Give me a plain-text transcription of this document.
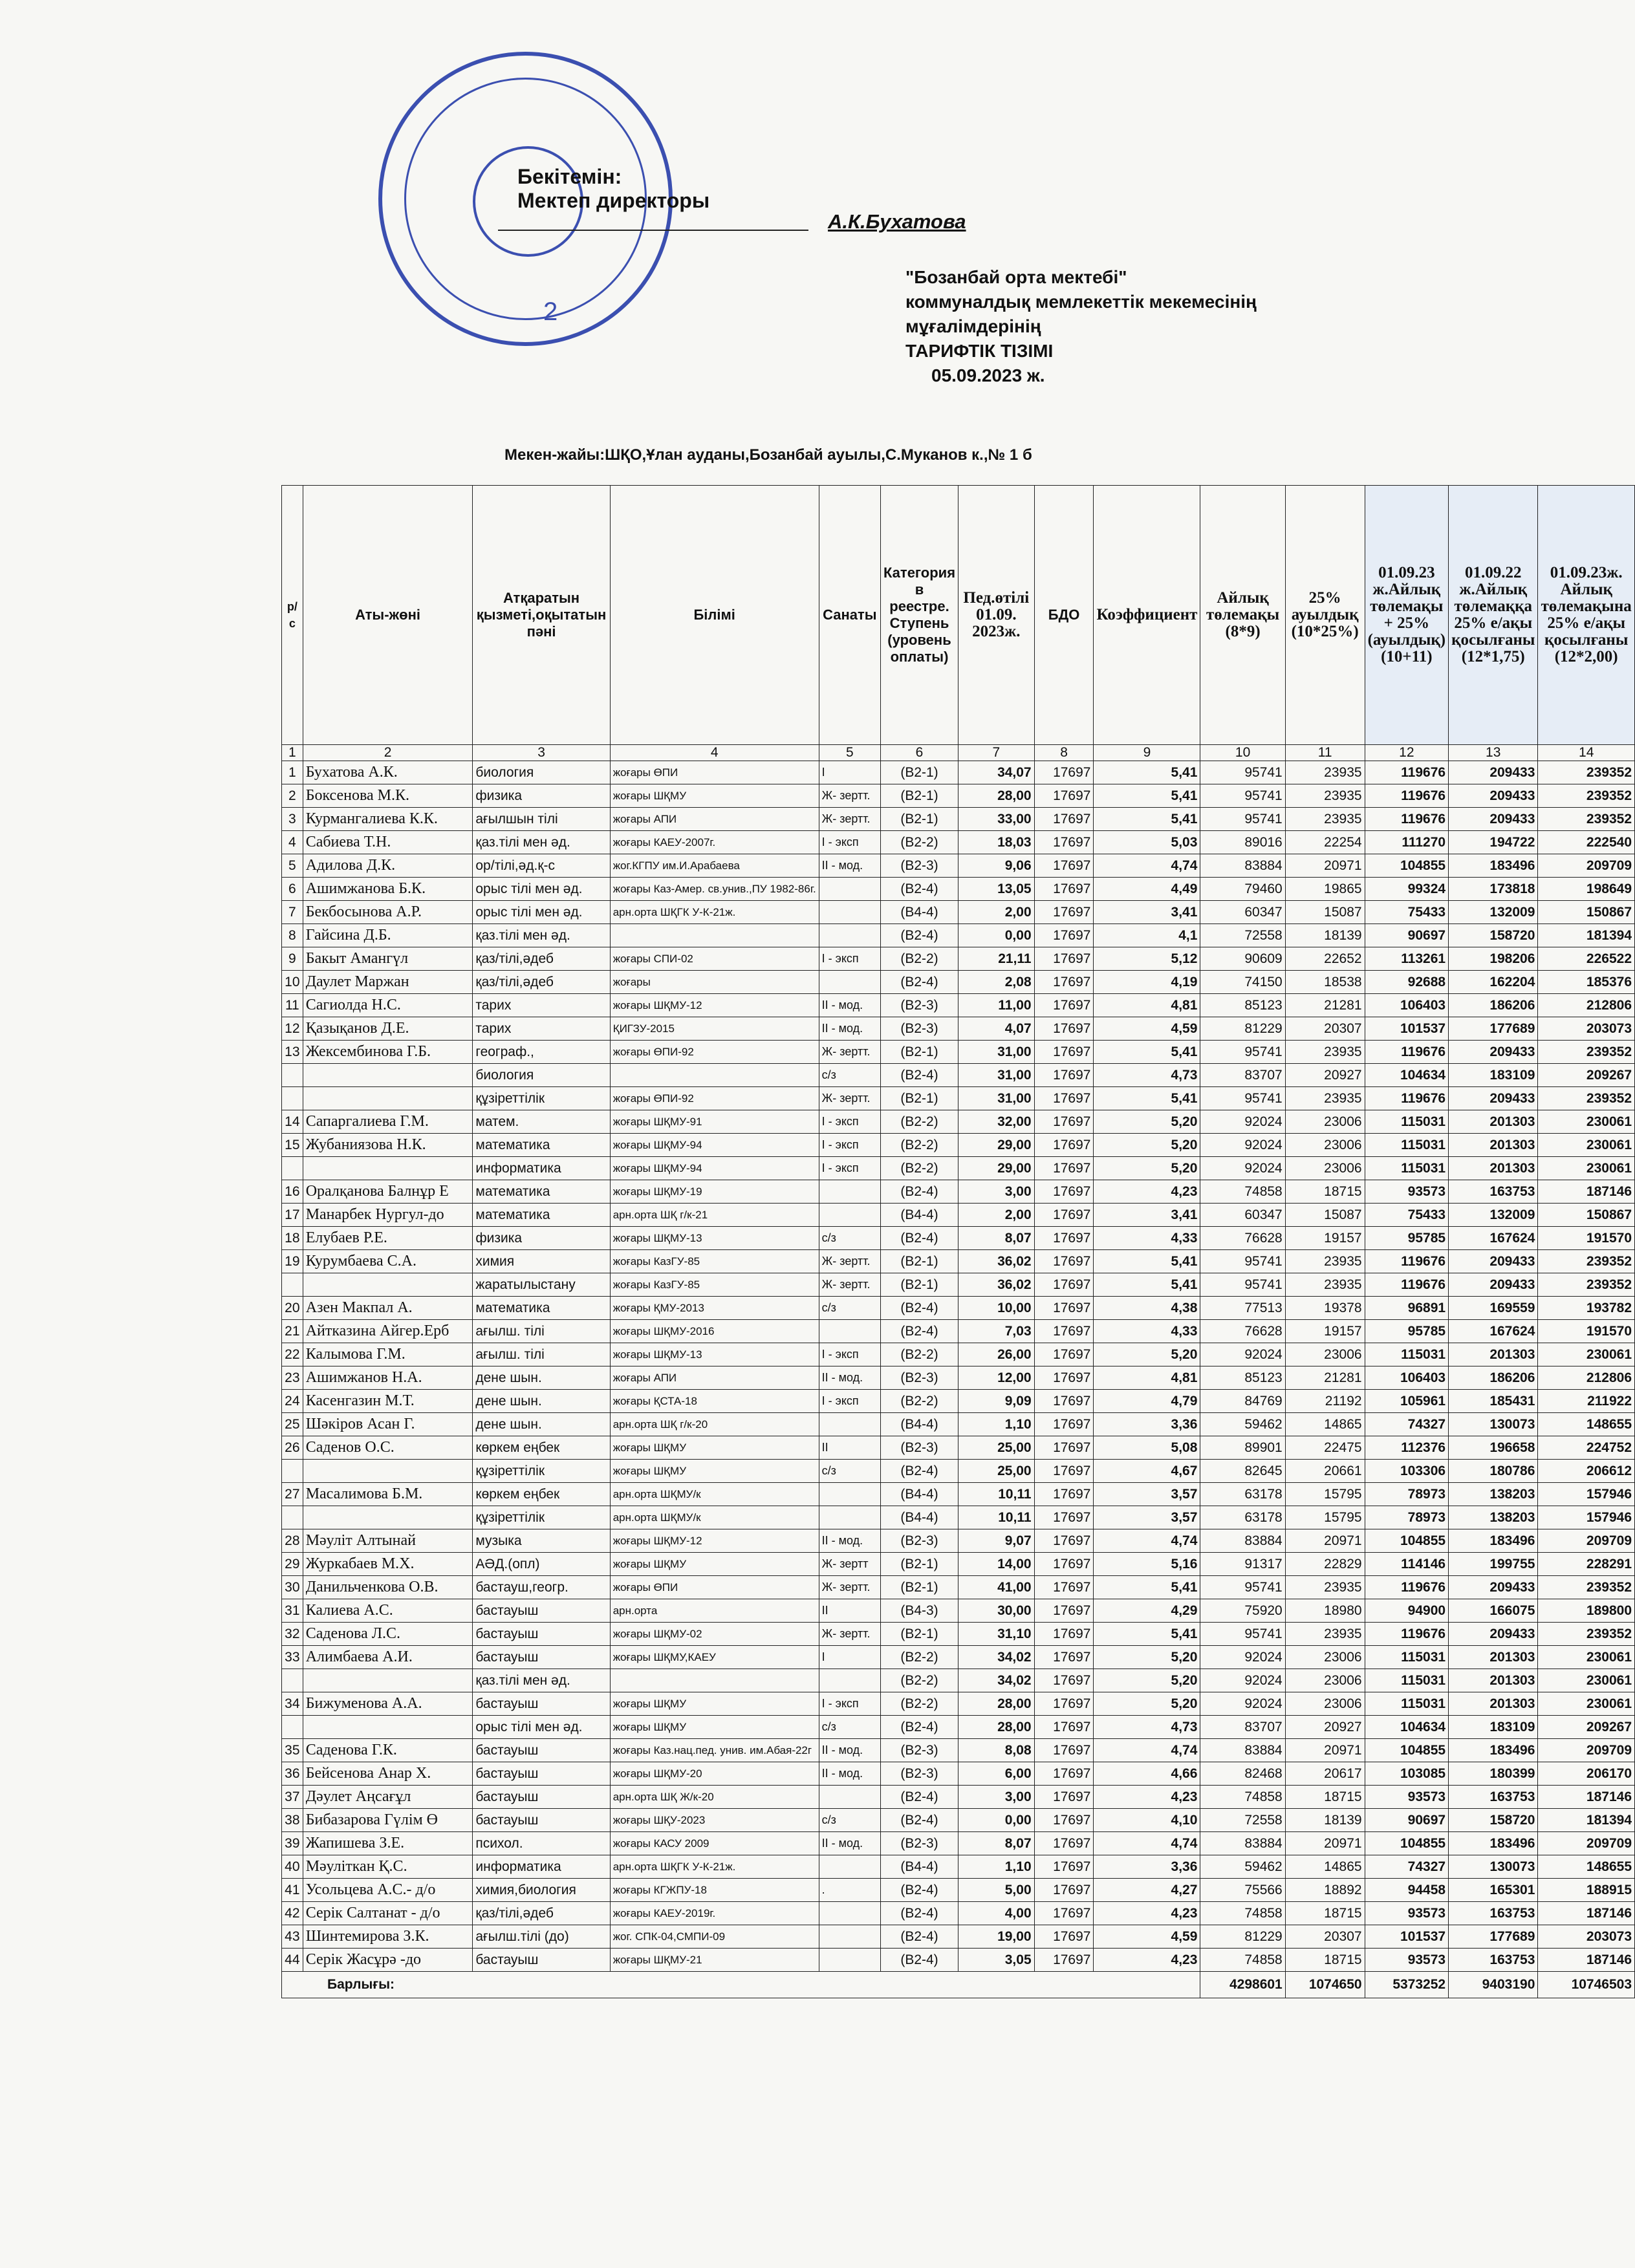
2
Бекітемін:
Мектеп директоры
А.К.Бухатова
"Бозанбай орта мектебі"
коммуналдық мемлекеттік мекемесінің
мұғалімдерінің
ТАРИФТІК ТІЗІМІ
05.09.2023 ж.
Мекен-жайы:ШҚО,Ұлан ауданы,Бозанбай ауылы,С.Муканов к.,№ 1 б
р/с	Аты-жөні	Атқаратын қызметі,оқытатын пәні	Білімі	Санаты	Категория в реестре. Ступень (уровень оплаты)	Пед.өтілі 01.09. 2023ж.	БДО	Коэффициент	Айлық төлемақы (8*9)	25% ауылдық (10*25%)	01.09.23 ж.Айлық төлемақы + 25%(ауылдық) (10+11)	01.09.22 ж.Айлық төлемаққа 25% е/ақы қосылғаны (12*1,75)	01.09.23ж. Айлық төлемақына 25% е/ақы қосылғаны (12*2,00)
1	2	3	4	5	6	7	8	9	10	11	12	13	14
1	Бухатова А.К.	биология	жоғары ӨПИ	І	(В2-1)	34,07	17697	5,41	95741	23935	119676	209433	239352
2	Боксенова М.К.	физика	жоғары ШҚМУ	Ж- зертт.	(В2-1)	28,00	17697	5,41	95741	23935	119676	209433	239352
3	Курмангалиева К.К.	ағылшын тілі	жоғары АПИ	Ж- зертт.	(В2-1)	33,00	17697	5,41	95741	23935	119676	209433	239352
4	Сабиева Т.Н.	қаз.тілі мен әд.	жоғары КАЕУ-2007г.	І - эксп	(В2-2)	18,03	17697	5,03	89016	22254	111270	194722	222540
5	Адилова Д.К.	ор/тілі,әд.қ-с	жог.КГПУ им.И.Арабаева	ІІ - мод.	(В2-3)	9,06	17697	4,74	83884	20971	104855	183496	209709
6	Ашимжанова Б.К.	орыс тілі мен әд.	жоғары Каз-Амер. св.унив.,ПУ 1982-86г.		(В2-4)	13,05	17697	4,49	79460	19865	99324	173818	198649
7	Бекбосынова А.Р.	орыс тілі мен әд.	арн.орта ШҚГК У-К-21ж.		(В4-4)	2,00	17697	3,41	60347	15087	75433	132009	150867
8	Гайсина Д.Б.	қаз.тілі мен әд.			(В2-4)	0,00	17697	4,1	72558	18139	90697	158720	181394
9	Бакыт Амангүл	қаз/тілі,әдеб	жоғары СПИ-02	І - эксп	(В2-2)	21,11	17697	5,12	90609	22652	113261	198206	226522
10	Даулет Маржан	қаз/тілі,әдеб	жоғары		(В2-4)	2,08	17697	4,19	74150	18538	92688	162204	185376
11	Сагиолда Н.С.	тарих	жоғары ШҚМУ-12	ІІ - мод.	(В2-3)	11,00	17697	4,81	85123	21281	106403	186206	212806
12	Қазықанов Д.Е.	тарих	ҚИГЗУ-2015	ІІ - мод.	(В2-3)	4,07	17697	4,59	81229	20307	101537	177689	203073
13	Жексембинова Г.Б.	географ.,	жоғары ӨПИ-92	Ж- зертт.	(В2-1)	31,00	17697	5,41	95741	23935	119676	209433	239352
		биология		с/з	(В2-4)	31,00	17697	4,73	83707	20927	104634	183109	209267
		құзіреттілік	жоғары ӨПИ-92	Ж- зертт.	(В2-1)	31,00	17697	5,41	95741	23935	119676	209433	239352
14	Сапаргалиева Г.М.	матем.	жоғары ШҚМУ-91	І - эксп	(В2-2)	32,00	17697	5,20	92024	23006	115031	201303	230061
15	Жубаниязова Н.К.	математика	жоғары ШҚМУ-94	І - эксп	(В2-2)	29,00	17697	5,20	92024	23006	115031	201303	230061
		информатика	жоғары ШҚМУ-94	І - эксп	(В2-2)	29,00	17697	5,20	92024	23006	115031	201303	230061
16	Оралқанова Балнұр Е	математика	жоғары ШҚМУ-19		(В2-4)	3,00	17697	4,23	74858	18715	93573	163753	187146
17	Манарбек Нургул-до	математика	арн.орта ШҚ г/к-21		(В4-4)	2,00	17697	3,41	60347	15087	75433	132009	150867
18	Елубаев Р.Е.	физика	жоғары ШҚМУ-13	с/з	(В2-4)	8,07	17697	4,33	76628	19157	95785	167624	191570
19	Курумбаева С.А.	химия	жоғары КазГУ-85	Ж- зертт.	(В2-1)	36,02	17697	5,41	95741	23935	119676	209433	239352
		жаратылыстану	жоғары КазГУ-85	Ж- зертт.	(В2-1)	36,02	17697	5,41	95741	23935	119676	209433	239352
20	Азен Макпал А.	математика	жоғары ҚМУ-2013	с/з	(В2-4)	10,00	17697	4,38	77513	19378	96891	169559	193782
21	Айтказина Айгер.Ерб	ағылш. тілі	жоғары ШҚМУ-2016		(В2-4)	7,03	17697	4,33	76628	19157	95785	167624	191570
22	Калымова Г.М.	ағылш. тілі	жоғары ШҚМУ-13	І - эксп	(В2-2)	26,00	17697	5,20	92024	23006	115031	201303	230061
23	Ашимжанов Н.А.	дене шын.	жоғары АПИ	ІІ - мод.	(В2-3)	12,00	17697	4,81	85123	21281	106403	186206	212806
24	Касенгазин М.Т.	дене шын.	жоғары ҚСТА-18	І - эксп	(В2-2)	9,09	17697	4,79	84769	21192	105961	185431	211922
25	Шәкіров Асан Г.	дене шын.	арн.орта ШҚ г/к-20		(В4-4)	1,10	17697	3,36	59462	14865	74327	130073	148655
26	Саденов О.С.	көркем еңбек	жоғары ШҚМУ	ІІ	(В2-3)	25,00	17697	5,08	89901	22475	112376	196658	224752
		құзіреттілік	жоғары ШҚМУ	с/з	(В2-4)	25,00	17697	4,67	82645	20661	103306	180786	206612
27	Масалимова Б.М.	көркем еңбек	арн.орта ШҚМУ/к		(В4-4)	10,11	17697	3,57	63178	15795	78973	138203	157946
		құзіреттілік	арн.орта ШҚМУ/к		(В4-4)	10,11	17697	3,57	63178	15795	78973	138203	157946
28	Мәуліт Алтынай	музыка	жоғары ШҚМУ-12	ІІ - мод.	(В2-3)	9,07	17697	4,74	83884	20971	104855	183496	209709
29	Журкабаев М.Х.	АӘД.(опл)	жоғары ШҚМУ	Ж- зертт	(В2-1)	14,00	17697	5,16	91317	22829	114146	199755	228291
30	Данильченкова О.В.	бастауш,геогр.	жоғары ӨПИ	Ж- зертт.	(В2-1)	41,00	17697	5,41	95741	23935	119676	209433	239352
31	Калиева А.С.	бастауыш	арн.орта	ІІ	(В4-3)	30,00	17697	4,29	75920	18980	94900	166075	189800
32	Саденова Л.С.	бастауыш	жоғары ШҚМУ-02	Ж- зертт.	(В2-1)	31,10	17697	5,41	95741	23935	119676	209433	239352
33	Алимбаева А.И.	бастауыш	жоғары ШҚМУ,КАЕУ	І	(В2-2)	34,02	17697	5,20	92024	23006	115031	201303	230061
		қаз.тілі мен әд.			(В2-2)	34,02	17697	5,20	92024	23006	115031	201303	230061
34	Бижуменова А.А.	бастауыш	жоғары ШҚМУ	І - эксп	(В2-2)	28,00	17697	5,20	92024	23006	115031	201303	230061
		орыс тілі мен әд.	жоғары ШҚМУ	с/з	(В2-4)	28,00	17697	4,73	83707	20927	104634	183109	209267
35	Саденова Г.К.	бастауыш	жоғары Каз.нац.пед. унив. им.Абая-22г	ІІ - мод.	(В2-3)	8,08	17697	4,74	83884	20971	104855	183496	209709
36	Бейсенова Анар Х.	бастауыш	жоғары ШҚМУ-20	ІІ - мод.	(В2-3)	6,00	17697	4,66	82468	20617	103085	180399	206170
37	Дәулет Аңсағұл	бастауыш	арн.орта ШҚ Ж/к-20		(В2-4)	3,00	17697	4,23	74858	18715	93573	163753	187146
38	Бибазарова Гүлім Ө	бастауыш	жоғары ШҚУ-2023	с/з	(В2-4)	0,00	17697	4,10	72558	18139	90697	158720	181394
39	Жапишева З.Е.	психол.	жоғары КАСУ 2009	ІІ - мод.	(В2-3)	8,07	17697	4,74	83884	20971	104855	183496	209709
40	Мәуліткан Қ.С.	информатика	арн.орта ШҚГК У-К-21ж.		(В4-4)	1,10	17697	3,36	59462	14865	74327	130073	148655
41	Усольцева А.С.- д/о	химия,биология	жоғары КГЖПУ-18	.	(В2-4)	5,00	17697	4,27	75566	18892	94458	165301	188915
42	Серік Салтанат - д/о	қаз/тілі,әдеб	жоғары КАЕУ-2019г.		(В2-4)	4,00	17697	4,23	74858	18715	93573	163753	187146
43	Шинтемирова З.К.	ағылш.тілі (до)	жог. СПК-04,СМПИ-09		(В2-4)	19,00	17697	4,59	81229	20307	101537	177689	203073
44	Серік Жасұрә -до	бастауыш	жоғары ШҚМУ-21		(В2-4)	3,05	17697	4,23	74858	18715	93573	163753	187146
Барлығы:									4298601	1074650	5373252	9403190	10746503
